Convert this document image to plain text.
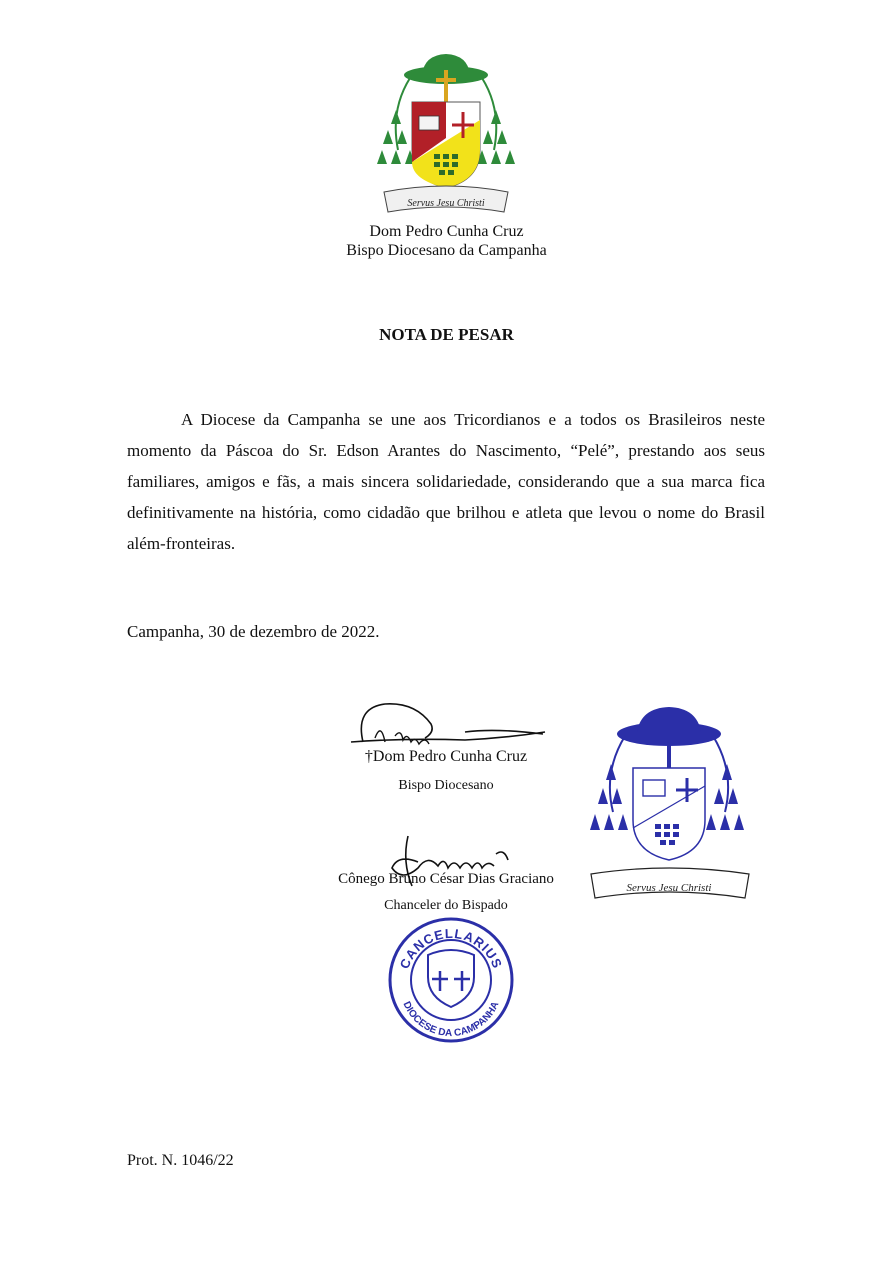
Servus Jesu Christi
Dom Pedro Cunha Cruz
Bispo Diocesano da Campanha
NOTA DE PESAR
A Diocese da Campanha se une aos Tricordianos e a todos os Brasileiros neste momento da Páscoa do Sr. Edson Arantes do Nascimento, “Pelé”, prestando aos seus familiares, amigos e fãs, a mais sincera solidariedade, considerando que a sua marca fica definitivamente na história, como cidadão que brilhou e atleta que levou o nome do Brasil além-fronteiras.
Campanha, 30 de dezembro de 2022.
†Dom Pedro Cunha Cruz
Bispo Diocesano
Servus Jesu Christi
Cônego Bruno César Dias Graciano
Chanceler do Bispado
CANCELLARIUS
DIOCESE DA CAMPANHA
Prot. N. 1046/22
